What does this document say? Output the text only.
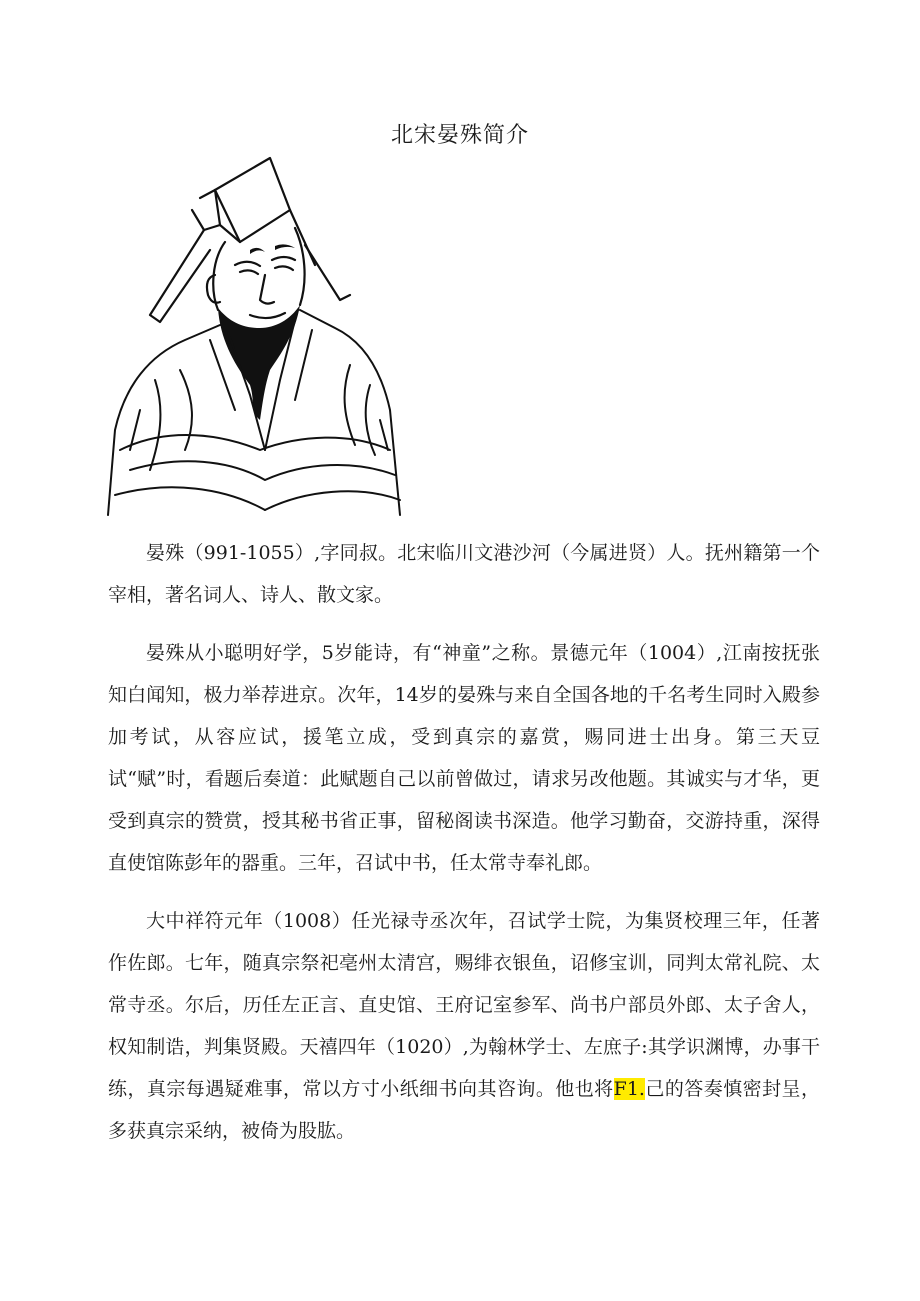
北宋晏殊简介

晏殊（991-1055）,字同叔。北宋临川文港沙河（今属进贤）人。抚州籍第一个宰相，著名词人、诗人、散文家。

晏殊从小聪明好学，5岁能诗，有“神童”之称。景德元年（1004）,江南按抚张知白闻知，极力举荐进京。次年，14岁的晏殊与来自全国各地的千名考生同时入殿参加考试，从容应试，援笔立成，受到真宗的嘉赏，赐同进士出身。第三天豆试“赋”时，看题后奏道：此赋题自己以前曾做过，请求另改他题。其诚实与才华，更受到真宗的赞赏，授其秘书省正事，留秘阁读书深造。他学习勤奋，交游持重，深得直使馆陈彭年的器重。三年，召试中书，任太常寺奉礼郎。

大中祥符元年（1008）任光禄寺丞次年，召试学士院，为集贤校理三年，任著作佐郎。七年，随真宗祭祀亳州太清宫，赐绯衣银鱼，诏修宝训，同判太常礼院、太常寺丞。尔后，历任左正言、直史馆、王府记室参军、尚书户部员外郎、太子舍人，权知制诰，判集贤殿。天禧四年（1020）,为翰林学士、左庶子:其学识渊博，办事干练，真宗每遇疑难事，常以方寸小纸细书向其咨询。他也将F1.己的答奏慎密封呈，多获真宗采纳，被倚为股肱。
